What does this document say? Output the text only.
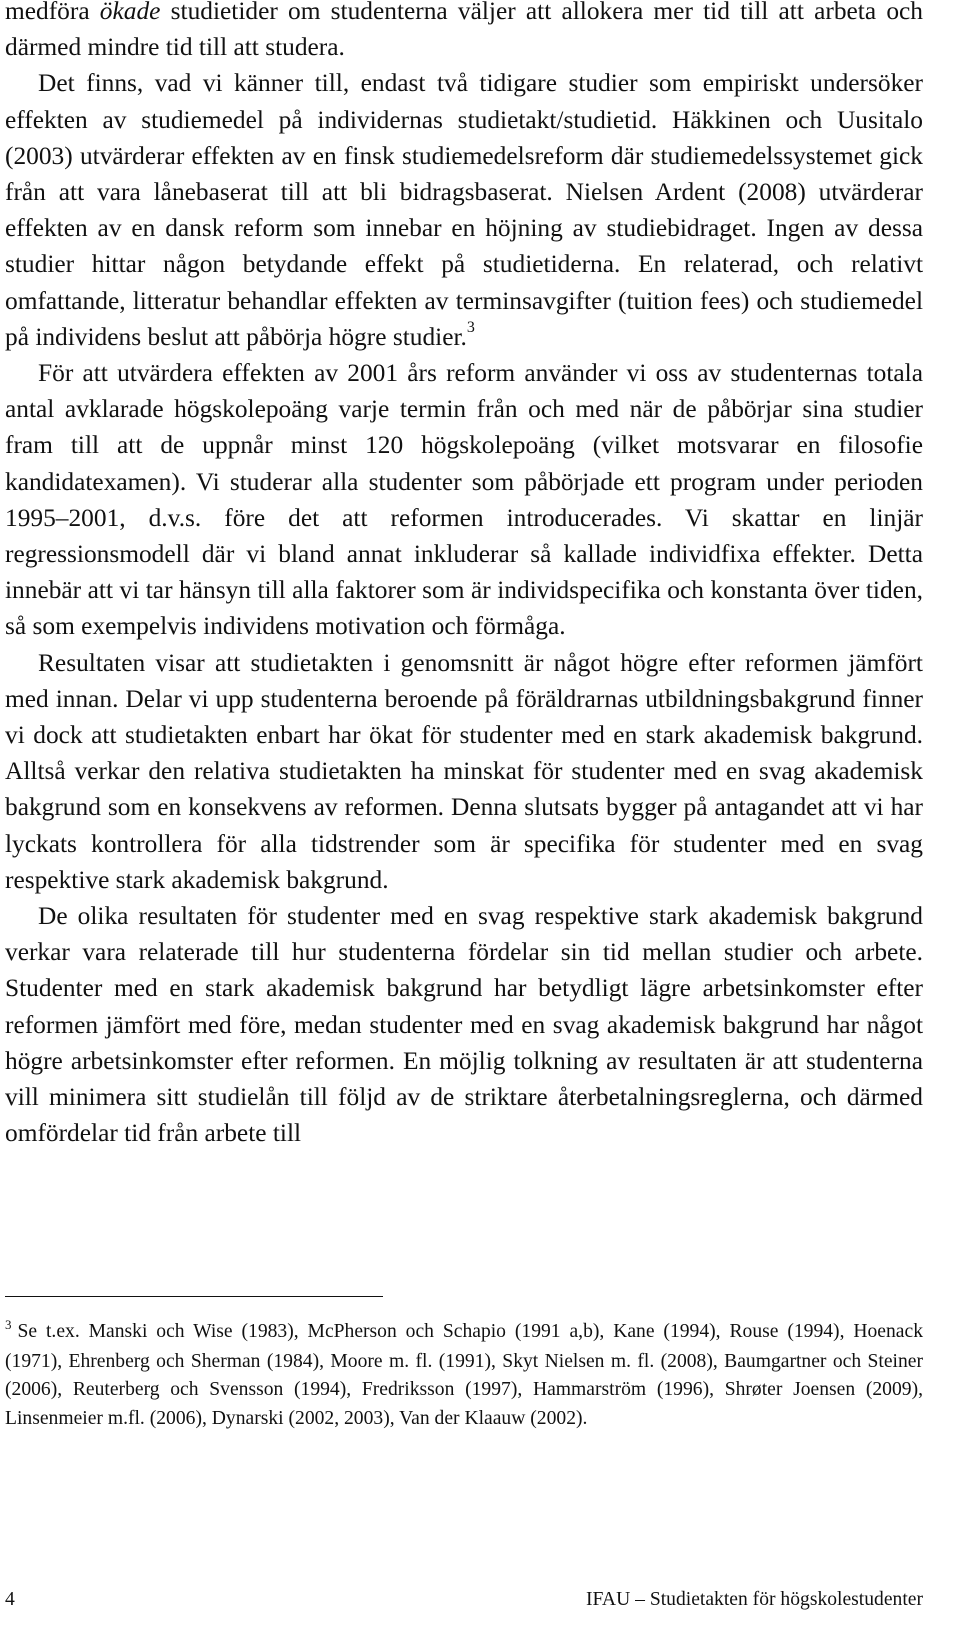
medföra ökade studietider om studenterna väljer att allokera mer tid till att arbeta och därmed mindre tid till att studera.

Det finns, vad vi känner till, endast två tidigare studier som empiriskt undersöker effekten av studiemedel på individernas studietakt/studietid. Häkkinen och Uusitalo (2003) utvärderar effekten av en finsk studiemedelsreform där studiemedelssystemet gick från att vara lånebaserat till att bli bidragsbaserat. Nielsen Ardent (2008) utvärderar effekten av en dansk reform som innebar en höjning av studiebidraget. Ingen av dessa studier hittar någon betydande effekt på studietiderna. En relaterad, och relativt omfattande, litteratur behandlar effekten av terminsavgifter (tuition fees) och studiemedel på individens beslut att påbörja högre studier.$^3$

För att utvärdera effekten av 2001 års reform använder vi oss av studenternas totala antal avklarade högskolepoäng varje termin från och med när de påbörjar sina studier fram till att de uppnår minst 120 högskolepoäng (vilket motsvarar en filosofie kandidatexamen). Vi studerar alla studenter som påbörjade ett program under perioden 1995–2001, d.v.s. före det att reformen introducerades. Vi skattar en linjär regressionsmodell där vi bland annat inkluderar så kallade individfixa effekter. Detta innebär att vi tar hänsyn till alla faktorer som är individspecifika och konstanta över tiden, så som exempelvis individens motivation och förmåga.

Resultaten visar att studietakten i genomsnitt är något högre efter reformen jämfört med innan. Delar vi upp studenterna beroende på föräldrarnas utbildningsbakgrund finner vi dock att studietakten enbart har ökat för studenter med en stark akademisk bakgrund. Alltså verkar den relativa studietakten ha minskat för studenter med en svag akademisk bakgrund som en konsekvens av reformen. Denna slutsats bygger på antagandet att vi har lyckats kontrollera för alla tidstrender som är specifika för studenter med en svag respektive stark akademisk bakgrund.

De olika resultaten för studenter med en svag respektive stark akademisk bakgrund verkar vara relaterade till hur studenterna fördelar sin tid mellan studier och arbete. Studenter med en stark akademisk bakgrund har betydligt lägre arbetsinkomster efter reformen jämfört med före, medan studenter med en svag akademisk bakgrund har något högre arbetsinkomster efter reformen. En möjlig tolkning av resultaten är att studenterna vill minimera sitt studielån till följd av de striktare återbetalningsreglerna, och därmed omfördelar tid från arbete till

$^3$ Se t.ex. Manski och Wise (1983), McPherson och Schapio (1991 a,b), Kane (1994), Rouse (1994), Hoenack (1971), Ehrenberg och Sherman (1984), Moore m. fl. (1991), Skyt Nielsen m. fl. (2008), Baumgartner och Steiner (2006), Reuterberg och Svensson (1994), Fredriksson (1997), Hammarström (1996), Shrøter Joensen (2009), Linsenmeier m.fl. (2006), Dynarski (2002, 2003), Van der Klaauw (2002).
4	IFAU – Studietakten för högskolestudenter
